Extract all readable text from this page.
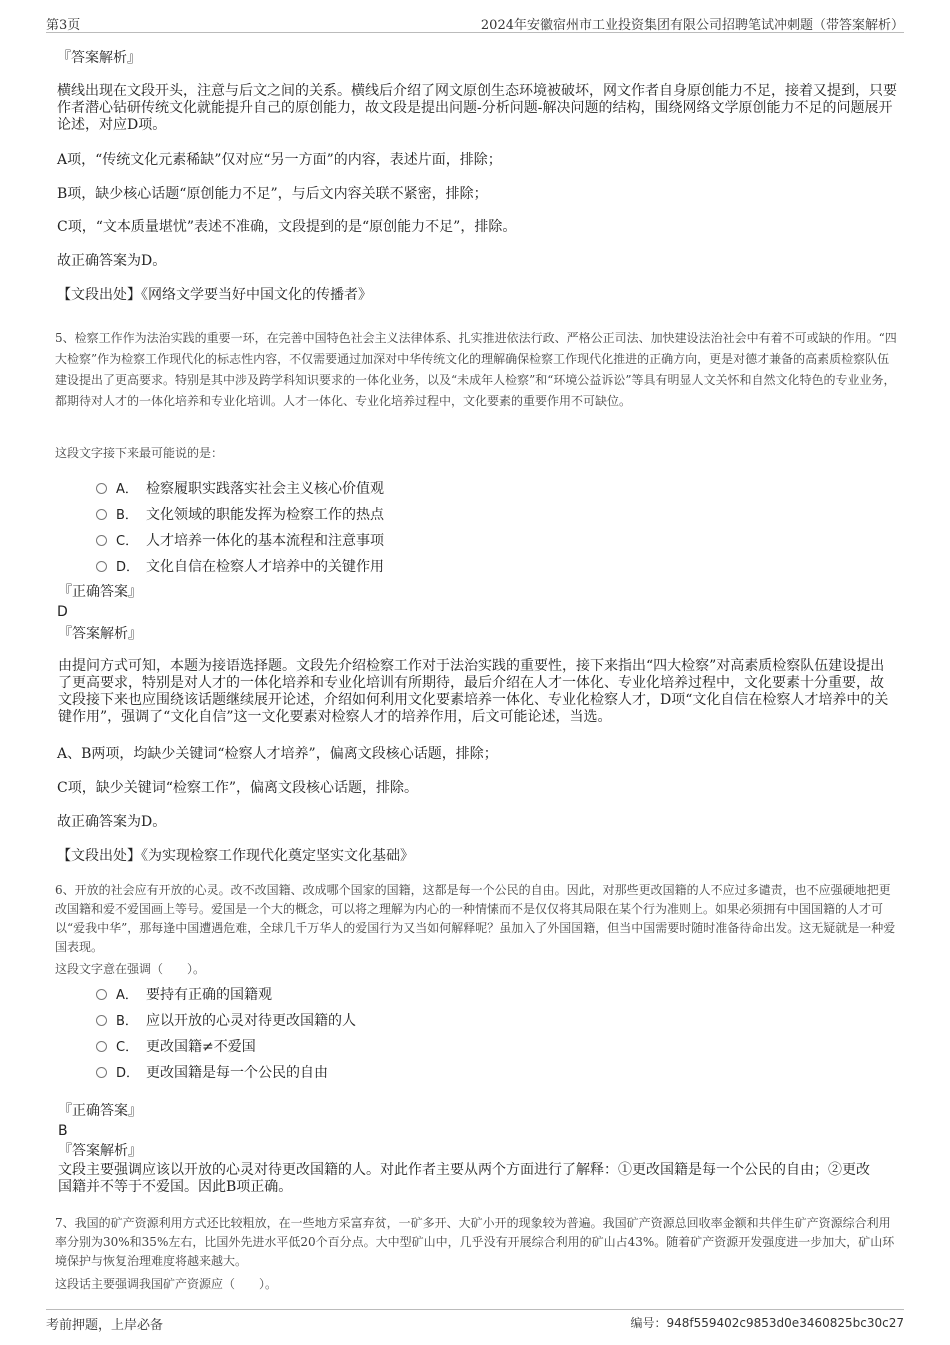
第3页	2024年安徽宿州市工业投资集团有限公司招聘笔试冲刺题（带答案解析）
『答案解析』
横线出现在文段开头，注意与后文之间的关系。横线后介绍了网文原创生态环境被破坏，网文作者自身原创能力不足，接着又提到，只要作者潜心钻研传统文化就能提升自己的原创能力，故文段是提出问题-分析问题-解决问题的结构，围绕网络文学原创能力不足的问题展开论述，对应D项。
A项，“传统文化元素稀缺”仅对应“另一方面”的内容，表述片面，排除；
B项，缺少核心话题“原创能力不足”，与后文内容关联不紧密，排除；
C项，“文本质量堪忧”表述不准确，文段提到的是“原创能力不足”，排除。
故正确答案为D。
【文段出处】《网络文学要当好中国文化的传播者》
5、检察工作作为法治实践的重要一环，在完善中国特色社会主义法律体系、扎实推进依法行政、严格公正司法、加快建设法治社会中有着不可或缺的作用。“四大检察”作为检察工作现代化的标志性内容，不仅需要通过加深对中华传统文化的理解确保检察工作现代化推进的正确方向，更是对德才兼备的高素质检察队伍建设提出了更高要求。特别是其中涉及跨学科知识要求的一体化业务，以及“未成年人检察”和“环境公益诉讼”等具有明显人文关怀和自然文化特色的专业业务，都期待对人才的一体化培养和专业化培训。人才一体化、专业化培养过程中，文化要素的重要作用不可缺位。
这段文字接下来最可能说的是：
A． 检察履职实践落实社会主义核心价值观
B． 文化领域的职能发挥为检察工作的热点
C． 人才培养一体化的基本流程和注意事项
D． 文化自信在检察人才培养中的关键作用
『正确答案』
D
『答案解析』
由提问方式可知，本题为接语选择题。文段先介绍检察工作对于法治实践的重要性，接下来指出“四大检察”对高素质检察队伍建设提出了更高要求，特别是对人才的一体化培养和专业化培训有所期待，最后介绍在人才一体化、专业化培养过程中，文化要素十分重要，故文段接下来也应围绕该话题继续展开论述，介绍如何利用文化要素培养一体化、专业化检察人才，D项“文化自信在检察人才培养中的关键作用”，强调了“文化自信”这一文化要素对检察人才的培养作用，后文可能论述，当选。
A、B两项，均缺少关键词“检察人才培养”，偏离文段核心话题，排除；
C项，缺少关键词“检察工作”，偏离文段核心话题，排除。
故正确答案为D。
【文段出处】《为实现检察工作现代化奠定坚实文化基础》
6、开放的社会应有开放的心灵。改不改国籍、改成哪个国家的国籍，这都是每一个公民的自由。因此，对那些更改国籍的人不应过多谴责，也不应强硬地把更改国籍和爱不爱国画上等号。爱国是一个大的概念，可以将之理解为内心的一种情愫而不是仅仅将其局限在某个行为准则上。如果必须拥有中国国籍的人才可以“爱我中华”，那每逢中国遭遇危难，全球几千万华人的爱国行为又当如何解释呢？虽加入了外国国籍，但当中国需要时随时准备待命出发。这无疑就是一种爱国表现。
这段文字意在强调（　　）。
A． 要持有正确的国籍观
B． 应以开放的心灵对待更改国籍的人
C． 更改国籍≠不爱国
D． 更改国籍是每一个公民的自由
『正确答案』
B
『答案解析』
文段主要强调应该以开放的心灵对待更改国籍的人。对此作者主要从两个方面进行了解释：①更改国籍是每一个公民的自由；②更改国籍并不等于不爱国。因此B项正确。
7、我国的矿产资源利用方式还比较粗放，在一些地方采富弃贫，一矿多开、大矿小开的现象较为普遍。我国矿产资源总回收率金额和共伴生矿产资源综合利用率分别为30%和35%左右，比国外先进水平低20个百分点。大中型矿山中，几乎没有开展综合利用的矿山占43%。随着矿产资源开发强度进一步加大，矿山环境保护与恢复治理难度将越来越大。
这段话主要强调我国矿产资源应（　　）。
考前押题，上岸必备	编号：948f559402c9853d0e3460825bc30c27
